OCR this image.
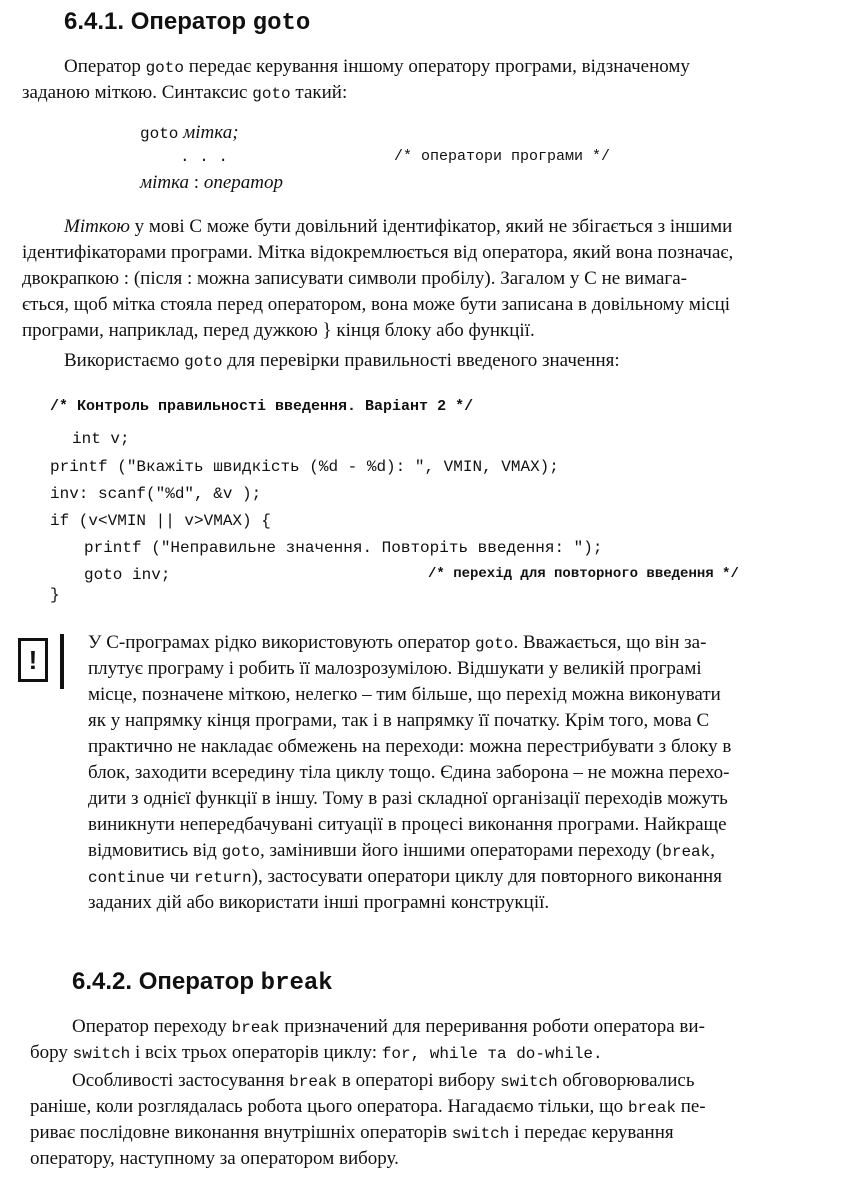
6.4.1. Оператор goto
Оператор goto передає керування іншому оператору програми, відзначеному
заданою міткою. Синтаксис goto такий:
goto мітка;
. . .	/* оператори програми */
мітка : оператор
Міткою у мові С може бути довільний ідентифікатор, який не збігається з іншими
ідентифікаторами програми. Мітка відокремлюється від оператора, який вона позначає,
двокрапкою : (після : можна записувати символи пробілу). Загалом у С не вимага-
ється, щоб мітка стояла перед оператором, вона може бути записана в довільному місці
програми, наприклад, перед дужкою } кінця блоку або функції.
Використаємо goto для перевірки правильності введеного значення:
/* Контроль правильності введення. Варіант 2 */
int v;
printf ("Вкажіть швидкість (%d - %d): ", VMIN, VMAX);
inv: scanf("%d", &v );
if (v<VMIN || v>VMAX) {
printf ("Неправильне значення. Повторіть введення: ");
goto inv;	/* перехід для повторного введення */
}
!
У С-програмах рідко використовують оператор goto. Вважається, що він за-
плутує програму і робить її малозрозумілою. Відшукати у великій програмі
місце, позначене міткою, нелегко – тим більше, що перехід можна виконувати
як у напрямку кінця програми, так і в напрямку її початку. Крім того, мова С
практично не накладає обмежень на переходи: можна перестрибувати з блоку в
блок, заходити всередину тіла циклу тощо. Єдина заборона – не можна перехо-
дити з однієї функції в іншу. Тому в разі складної організації переходів можуть
виникнути непередбачувані ситуації в процесі виконання програми. Найкраще
відмовитись від goto, замінивши його іншими операторами переходу (break,
continue чи return), застосувати оператори циклу для повторного виконання
заданих дій або використати інші програмні конструкції.
6.4.2. Оператор break
Оператор переходу break призначений для переривання роботи оператора ви-
бору switch і всіх трьох операторів циклу: for, while та do-while.
Особливості застосування break в операторі вибору switch обговорювались
раніше, коли розглядалась робота цього оператора. Нагадаємо тільки, що break пе-
риває послідовне виконання внутрішніх операторів switch і передає керування
оператору, наступному за оператором вибору.
